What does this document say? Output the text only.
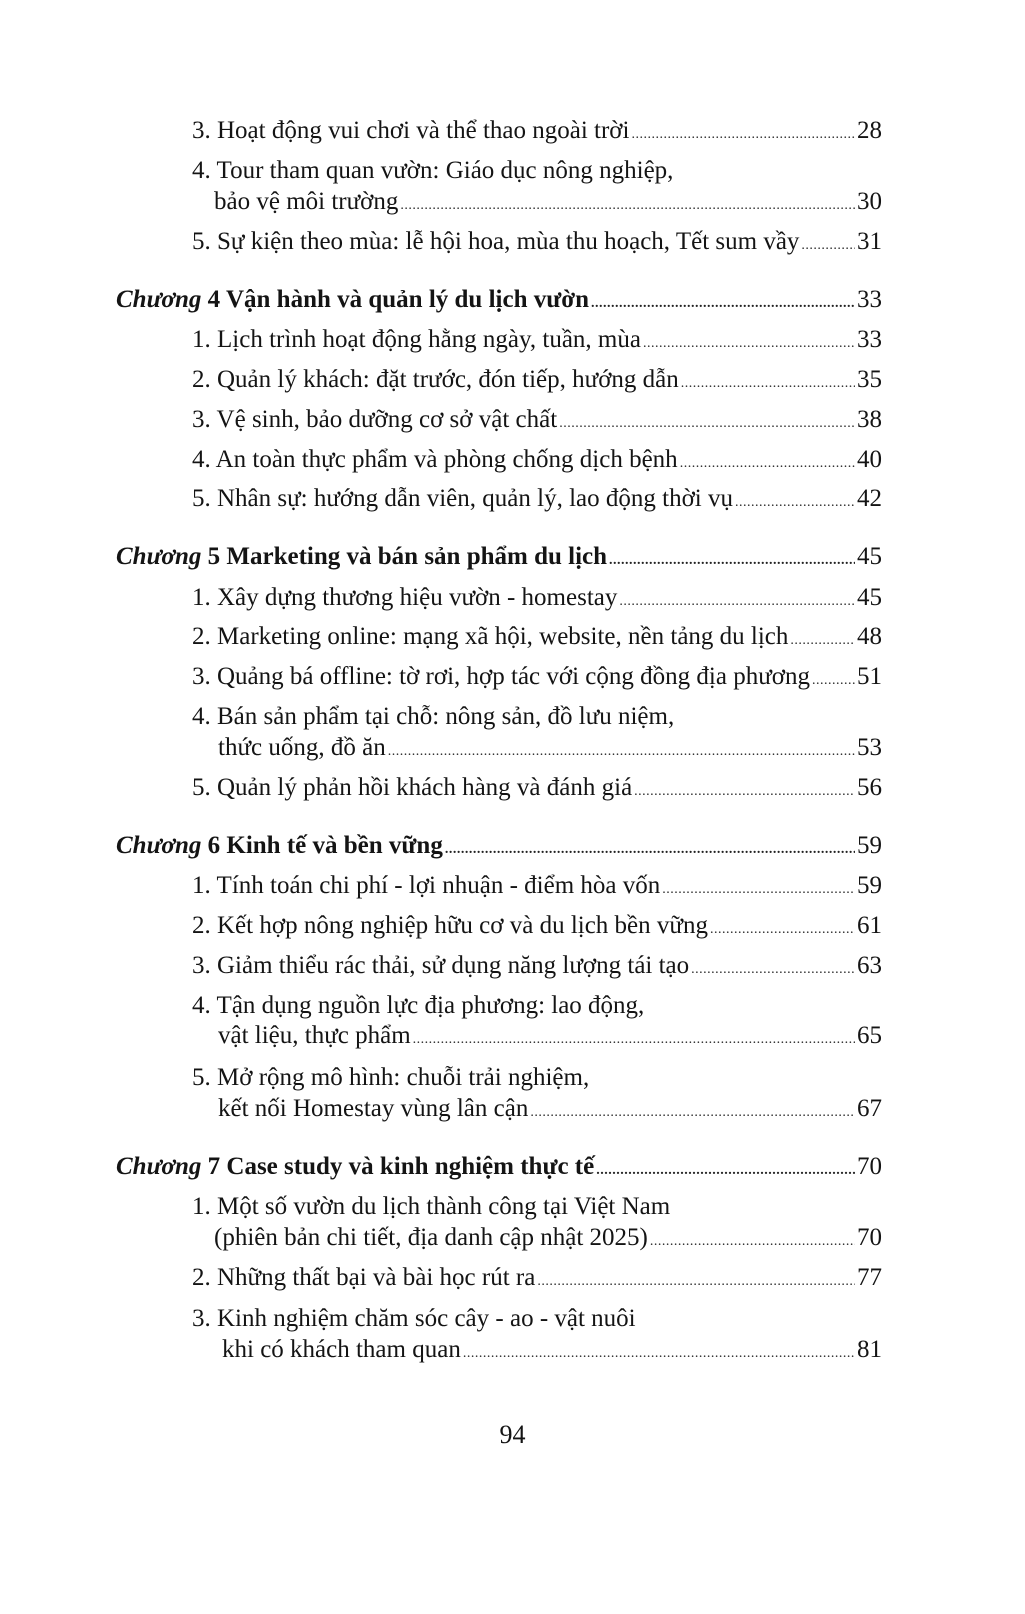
3. Hoạt động vui chơi và thể thao ngoài trời .....	28
4. Tour tham quan vườn: Giáo dục nông nghiệp,
bảo vệ môi trường .....	30
5. Sự kiện theo mùa: lễ hội hoa, mùa thu hoạch, Tết sum vầy ..... 31
Chương 4 Vận hành và quản lý du lịch vườn .....	33
1. Lịch trình hoạt động hằng ngày, tuần, mùa .....	33
2. Quản lý khách: đặt trước, đón tiếp, hướng dẫn .....	35
3. Vệ sinh, bảo dưỡng cơ sở vật chất .....	38
4. An toàn thực phẩm và phòng chống dịch bệnh .....	40
5. Nhân sự: hướng dẫn viên, quản lý, lao động thời vụ .....	42
Chương 5 Marketing và bán sản phẩm du lịch .....	45
1. Xây dựng thương hiệu vườn - homestay .....	45
2. Marketing online: mạng xã hội, website, nền tảng du lịch .....	48
3. Quảng bá offline: tờ rơi, hợp tác với cộng đồng địa phương ..... 51
4. Bán sản phẩm tại chỗ: nông sản, đồ lưu niệm,
thức uống, đồ ăn .....	53
5. Quản lý phản hồi khách hàng và đánh giá .....	56
Chương 6 Kinh tế và bền vững .....	59
1. Tính toán chi phí - lợi nhuận - điểm hòa vốn .....	59
2. Kết hợp nông nghiệp hữu cơ và du lịch bền vững .....	61
3. Giảm thiểu rác thải, sử dụng năng lượng tái tạo .....	63
4. Tận dụng nguồn lực địa phương: lao động,
vật liệu, thực phẩm .....	65
5. Mở rộng mô hình: chuỗi trải nghiệm,
kết nối Homestay vùng lân cận .....	67
Chương 7 Case study và kinh nghiệm thực tế .....	70
1. Một số vườn du lịch thành công tại Việt Nam
(phiên bản chi tiết, địa danh cập nhật 2025) .....	70
2. Những thất bại và bài học rút ra .....	77
3. Kinh nghiệm chăm sóc cây - ao - vật nuôi
khi có khách tham quan .....	81
94
